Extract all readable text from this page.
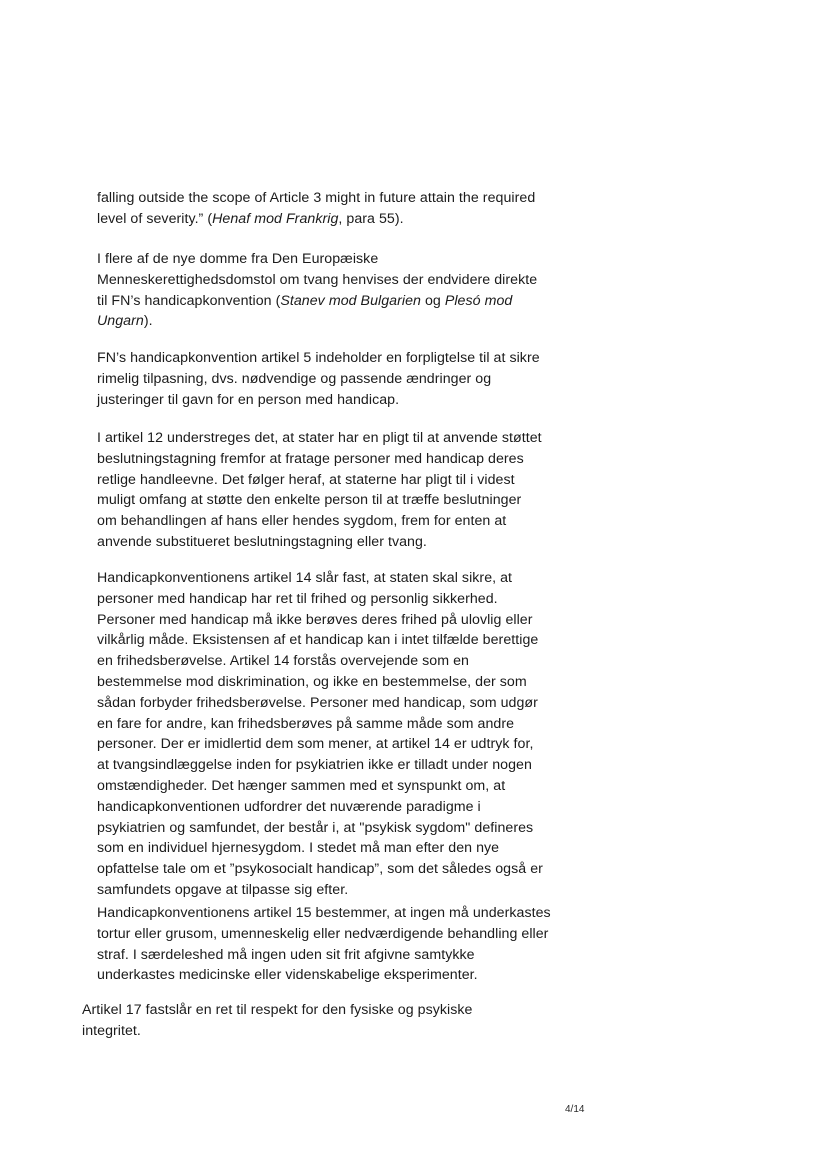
falling outside the scope of Article 3 might in future attain the required
level of severity.” (Henaf mod Frankrig, para 55).
I flere af de nye domme fra Den Europæiske
Menneskerettighedsdomstol om tvang henvises der endvidere direkte
til FN’s handicapkonvention (Stanev mod Bulgarien og Plesó mod
Ungarn).
FN’s handicapkonvention artikel 5 indeholder en forpligtelse til at sikre
rimelig tilpasning, dvs. nødvendige og passende ændringer og
justeringer til gavn for en person med handicap.
I artikel 12 understreges det, at stater har en pligt til at anvende støttet
beslutningstagning fremfor at fratage personer med handicap deres
retlige handleevne. Det følger heraf, at staterne har pligt til i videst
muligt omfang at støtte den enkelte person til at træffe beslutninger
om behandlingen af hans eller hendes sygdom, frem for enten at
anvende substitueret beslutningstagning eller tvang.
Handicapkonventionens artikel 14 slår fast, at staten skal sikre, at
personer med handicap har ret til frihed og personlig sikkerhed.
Personer med handicap må ikke berøves deres frihed på ulovlig eller
vilkårlig måde. Eksistensen af et handicap kan i intet tilfælde berettige
en frihedsberøvelse. Artikel 14 forstås overvejende som en
bestemmelse mod diskrimination, og ikke en bestemmelse, der som
sådan forbyder frihedsberøvelse. Personer med handicap, som udgør
en fare for andre, kan frihedsberøves på samme måde som andre
personer. Der er imidlertid dem som mener, at artikel 14 er udtryk for,
at tvangsindlæggelse inden for psykiatrien ikke er tilladt under nogen
omstændigheder. Det hænger sammen med et synspunkt om, at
handicapkonventionen udfordrer det nuværende paradigme i
psykiatrien og samfundet, der består i, at "psykisk sygdom" defineres
som en individuel hjernesygdom. I stedet må man efter den nye
opfattelse tale om et ”psykosocialt handicap”, som det således også er
samfundets opgave at tilpasse sig efter.
Handicapkonventionens artikel 15 bestemmer, at ingen må underkastes
tortur eller grusom, umenneskelig eller nedværdigende behandling eller
straf. I særdeleshed må ingen uden sit frit afgivne samtykke
underkastes medicinske eller videnskabelige eksperimenter.
Artikel 17 fastslår en ret til respekt for den fysiske og psykiske
integritet.
4/14
